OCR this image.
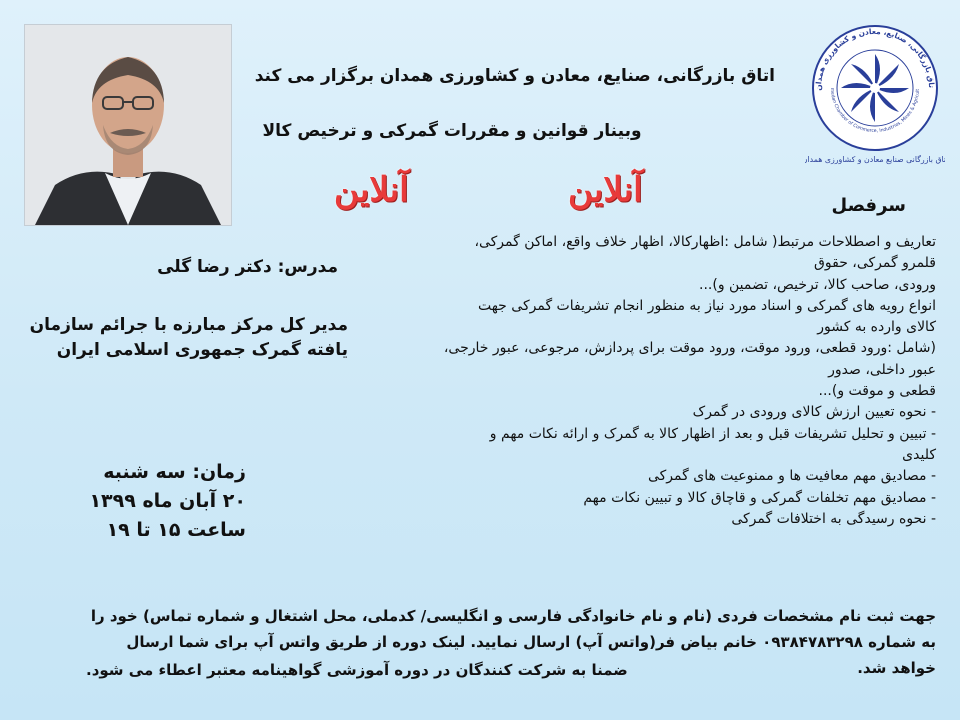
تاق بازرگانی، صنایع، معادن و کشاورزی همدان
medan Chamber of Commerce, Industries, Mines & Agricult
اتاق بازرگانی صنایع معادن و کشاورزی همدان
اتاق بازرگانی، صنایع، معادن و کشاورزی همدان برگزار می کند
وبینار قوانین و مقررات گمرکی و ترخیص کالا
آنلاین
آنلاین	سرفصل
تعاریف و اصطلاحات مرتبط( شامل :اظهارکالا، اظهار خلاف واقع، اماکن گمرکی،
قلمرو گمرکی، حقوق
ورودی، صاحب کالا، ترخیص، تضمین و)...
انواع رویه های گمرکی و اسناد مورد نیاز به منظور انجام تشریفات گمرکی جهت
کالای وارده به کشور
(شامل :ورود قطعی، ورود موقت، ورود موقت برای پردازش، مرجوعی، عبور خارجی،
عبور داخلی، صدور
قطعی و موقت و)...
- نحوه تعیین ارزش کالای ورودی در گمرک
- تبیین و تحلیل تشریفات قبل و بعد از اظهار کالا به گمرک و ارائه نکات مهم و
کلیدی
- مصادیق مهم معافیت ها و ممنوعیت های گمرکی
- مصادیق مهم تخلفات گمرکی و قاچاق کالا و تبیین نکات مهم
- نحوه رسیدگی به اختلافات گمرکی
مدرس: دکتر رضا گلی
مدیر کل مرکز مبارزه با جرائم سازمان
یافته گمرک جمهوری اسلامی ایران
زمان: سه شنبه
۲۰ آبان ماه ۱۳۹۹
ساعت ۱۵ تا ۱۹
جهت ثبت نام مشخصات فردی (نام و نام خانوادگی فارسی و انگلیسی/ کدملی، محل اشتغال و شماره تماس) خود را
به شماره ۰۹۳۸۴۷۸۳۲۹۸ خانم بیاض فر(واتس آپ) ارسال نمایید. لینک دوره از طریق واتس آپ برای شما ارسال
خواهد شد.
ضمنا به شرکت کنندگان در دوره آموزشی گواهینامه معتبر اعطاء می شود.
